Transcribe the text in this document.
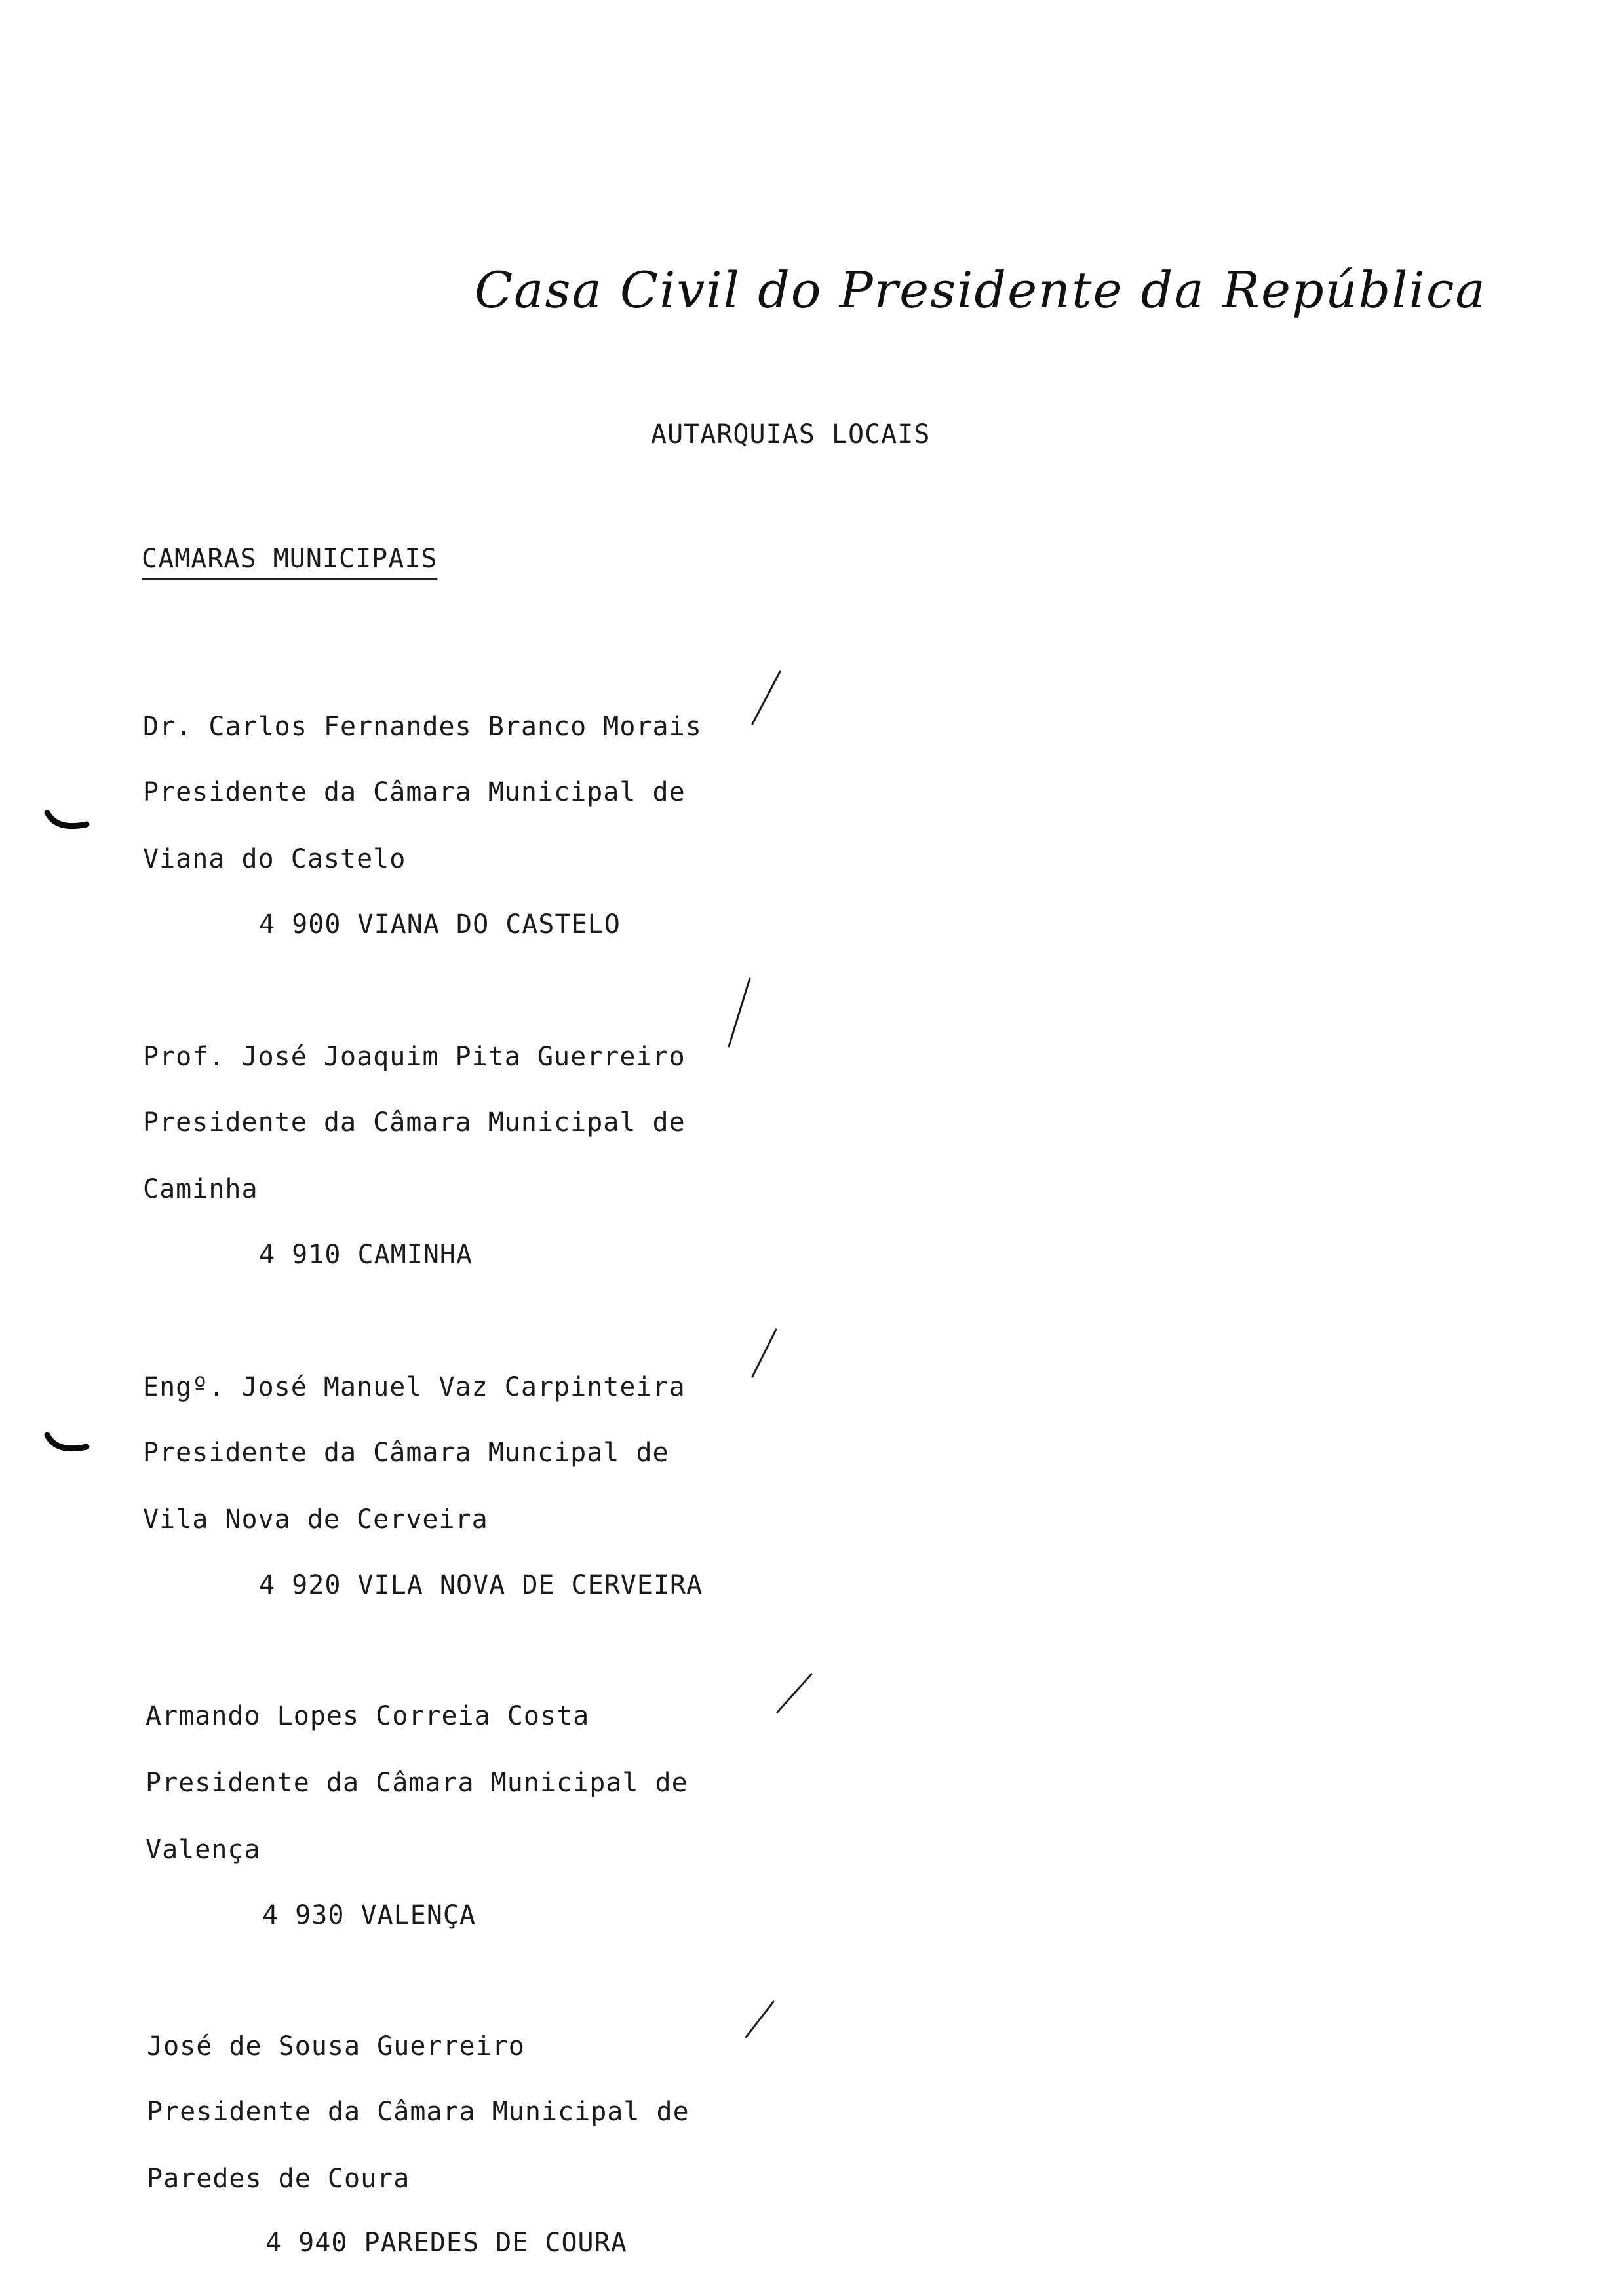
Casa Civil do Presidente da República
AUTARQUIAS LOCAIS
CAMARAS MUNICIPAIS
Dr. Carlos Fernandes Branco Morais
Presidente da Câmara Municipal de
Viana do Castelo
4 900 VIANA DO CASTELO
Prof. José Joaquim Pita Guerreiro
Presidente da Câmara Municipal de
Caminha
4 910 CAMINHA
Engº. José Manuel Vaz Carpinteira
Presidente da Câmara Muncipal de
Vila Nova de Cerveira
4 920 VILA NOVA DE CERVEIRA
Armando Lopes Correia Costa
Presidente da Câmara Municipal de
Valença
4 930 VALENÇA
José de Sousa Guerreiro
Presidente da Câmara Municipal de
Paredes de Coura
4 940 PAREDES DE COURA
